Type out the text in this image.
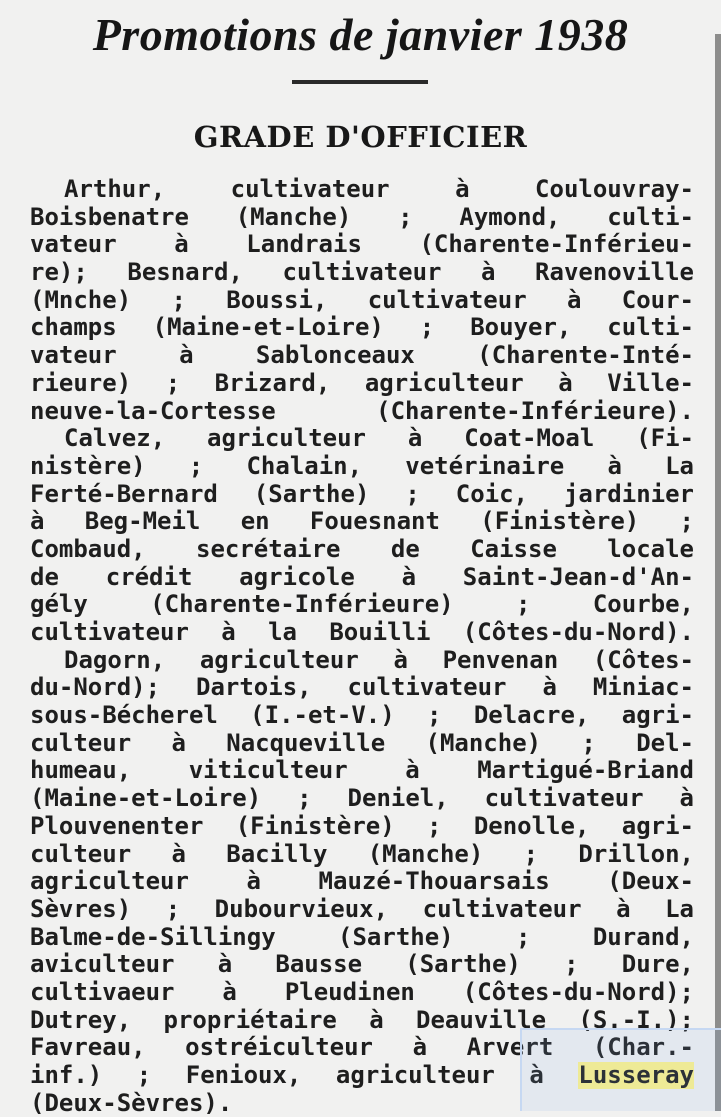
Promotions de janvier 1938
GRADE D'OFFICIER
Arthur, cultivateur à Coulouvray-
Boisbenatre (Manche) ; Aymond, culti-
vateur à Landrais (Charente-Inférieu-
re); Besnard, cultivateur à Ravenoville
(Mnche) ; Boussi, cultivateur à Cour-
champs (Maine-et-Loire) ; Bouyer, culti-
vateur à Sablonceaux (Charente-Inté-
rieure) ; Brizard, agriculteur à Ville-
neuve-la-Cortesse (Charente-Inférieure).
Calvez, agriculteur à Coat-Moal (Fi-
nistère) ; Chalain, vetérinaire à La
Ferté-Bernard (Sarthe) ; Coic, jardinier
à Beg-Meil en Fouesnant (Finistère) ;
Combaud, secrétaire de Caisse locale
de crédit agricole à Saint-Jean-d'An-
gély (Charente-Inférieure) ; Courbe,
cultivateur à la Bouilli (Côtes-du-Nord).
Dagorn, agriculteur à Penvenan (Côtes-
du-Nord); Dartois, cultivateur à Miniac-
sous-Bécherel (I.-et-V.) ; Delacre, agri-
culteur à Nacqueville (Manche) ; Del-
humeau, viticulteur à Martigué-Briand
(Maine-et-Loire) ; Deniel, cultivateur à
Plouvenenter (Finistère) ; Denolle, agri-
culteur à Bacilly (Manche) ; Drillon,
agriculteur à Mauzé-Thouarsais (Deux-
Sèvres) ; Dubourvieux, cultivateur à La
Balme-de-Sillingy (Sarthe) ; Durand,
aviculteur à Bausse (Sarthe) ; Dure,
cultivaeur à Pleudinen (Côtes-du-Nord);
Dutrey, propriétaire à Deauville (S.-I.);
Favreau, ostréiculteur à Arvert (Char.-
inf.) ; Fenioux, agriculteur à Lusseray
(Deux-Sèvres).
